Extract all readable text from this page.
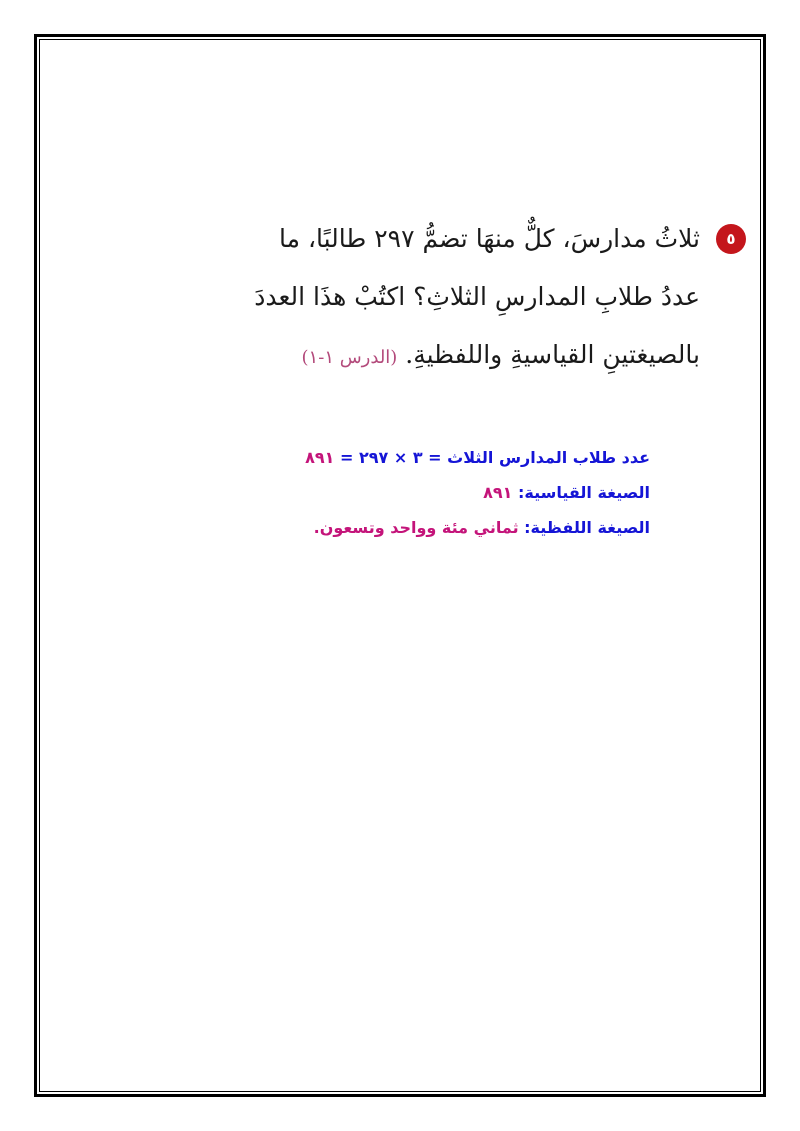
٥
ثلاثُ مدارسَ، كلٌّ منهَا تضمُّ ٢٩٧ طالبًا، ما
عددُ طلابِ المدارسِ الثلاثِ؟ اكتُبْ هذَا العددَ
بالصيغتينِ القياسيةِ واللفظيةِ. (الدرس ١-١)
عدد طلاب المدارس الثلاث = ٣ × ٢٩٧ = ٨٩١
الصيغة القياسية: ٨٩١
الصيغة اللفظية: ثماني مئة وواحد وتسعون.
